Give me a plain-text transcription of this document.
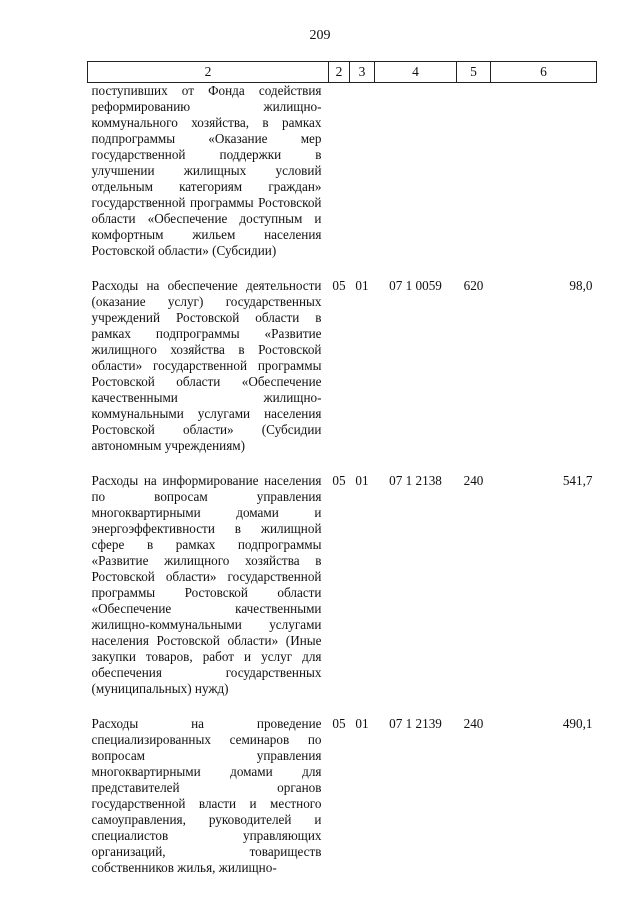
209
2	2	3	4	5	6
поступивших от Фонда содействия реформированию жилищно-коммунального хозяйства, в рамках подпрограммы «Оказание мер государственной поддержки в улучшении жилищных условий отдельным категориям граждан» государственной программы Ростовской области «Обеспечение доступным и комфортным жильем населения Ростовской области» (Субсидии)					

Расходы на обеспечение деятельности (оказание услуг) государственных учреждений Ростовской области в рамках подпрограммы «Развитие жилищного хозяйства в Ростовской области» государственной программы Ростовской области «Обеспечение качественными жилищно-коммунальными услугами населения Ростовской области» (Субсидии автономным учреждениям)	05	01	07 1 0059	620	98,0

Расходы на информирование населения по вопросам управления многоквартирными домами и энергоэффективности в жилищной сфере в рамках подпрограммы «Развитие жилищного хозяйства в Ростовской области» государственной программы Ростовской области «Обеспечение качественными жилищно-коммунальными услугами населения Ростовской области» (Иные закупки товаров, работ и услуг для обеспечения государственных (муниципальных) нужд)	05	01	07 1 2138	240	541,7

Расходы на проведение специализированных семинаров по вопросам управления многоквартирными домами для представителей органов государственной власти и местного самоуправления, руководителей и специалистов управляющих организаций, товариществ собственников жилья, жилищно-	05	01	07 1 2139	240	490,1
